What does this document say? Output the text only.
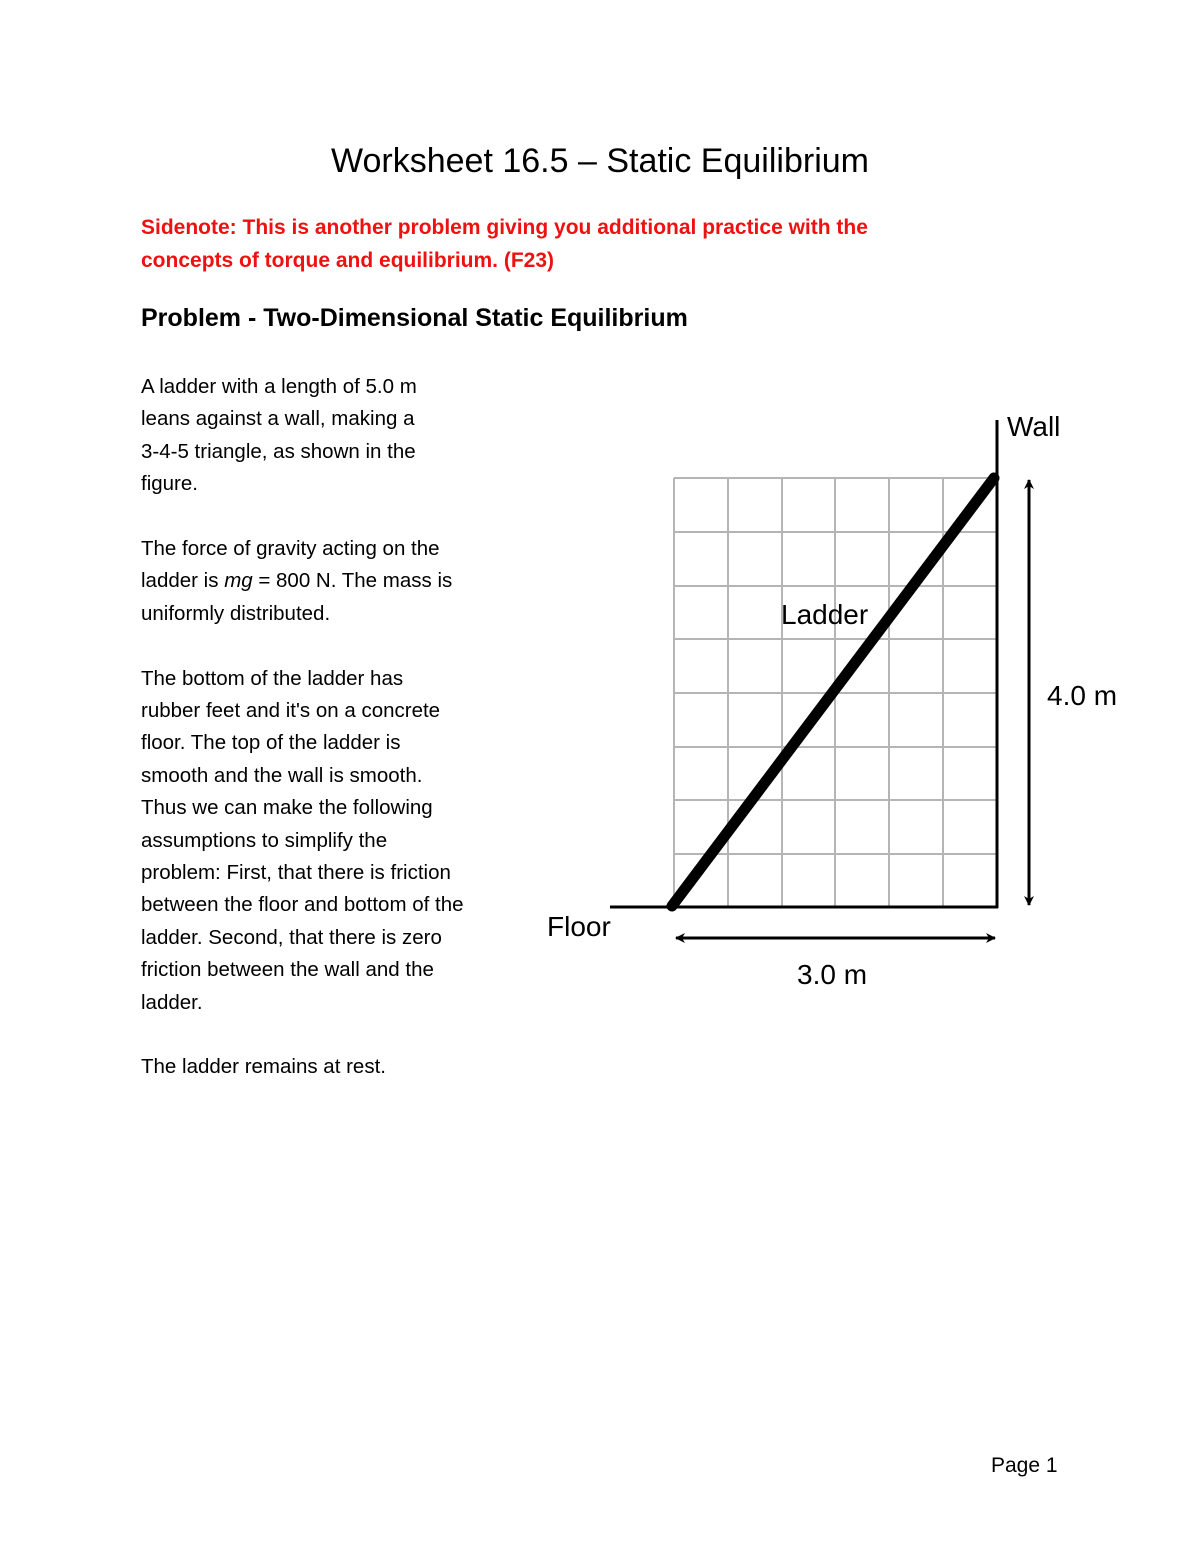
Worksheet 16.5 – Static Equilibrium
Sidenote: This is another problem giving you additional practice with the
concepts of torque and equilibrium. (F23)
Problem - Two-Dimensional Static Equilibrium

A ladder with a length of 5.0 m
leans against a wall, making a
3-4-5 triangle, as shown in the
figure.

The force of gravity acting on the
ladder is mg = 800 N. The mass is
uniformly distributed.

The bottom of the ladder has
rubber feet and it's on a concrete
floor. The top of the ladder is
smooth and the wall is smooth.
Thus we can make the following
assumptions to simplify the
problem: First, that there is friction
between the floor and bottom of the
ladder. Second, that there is zero
friction between the wall and the
ladder.

The ladder remains at rest.

Wall
Ladder
4.0 m
Floor
3.0 m
Page 1
